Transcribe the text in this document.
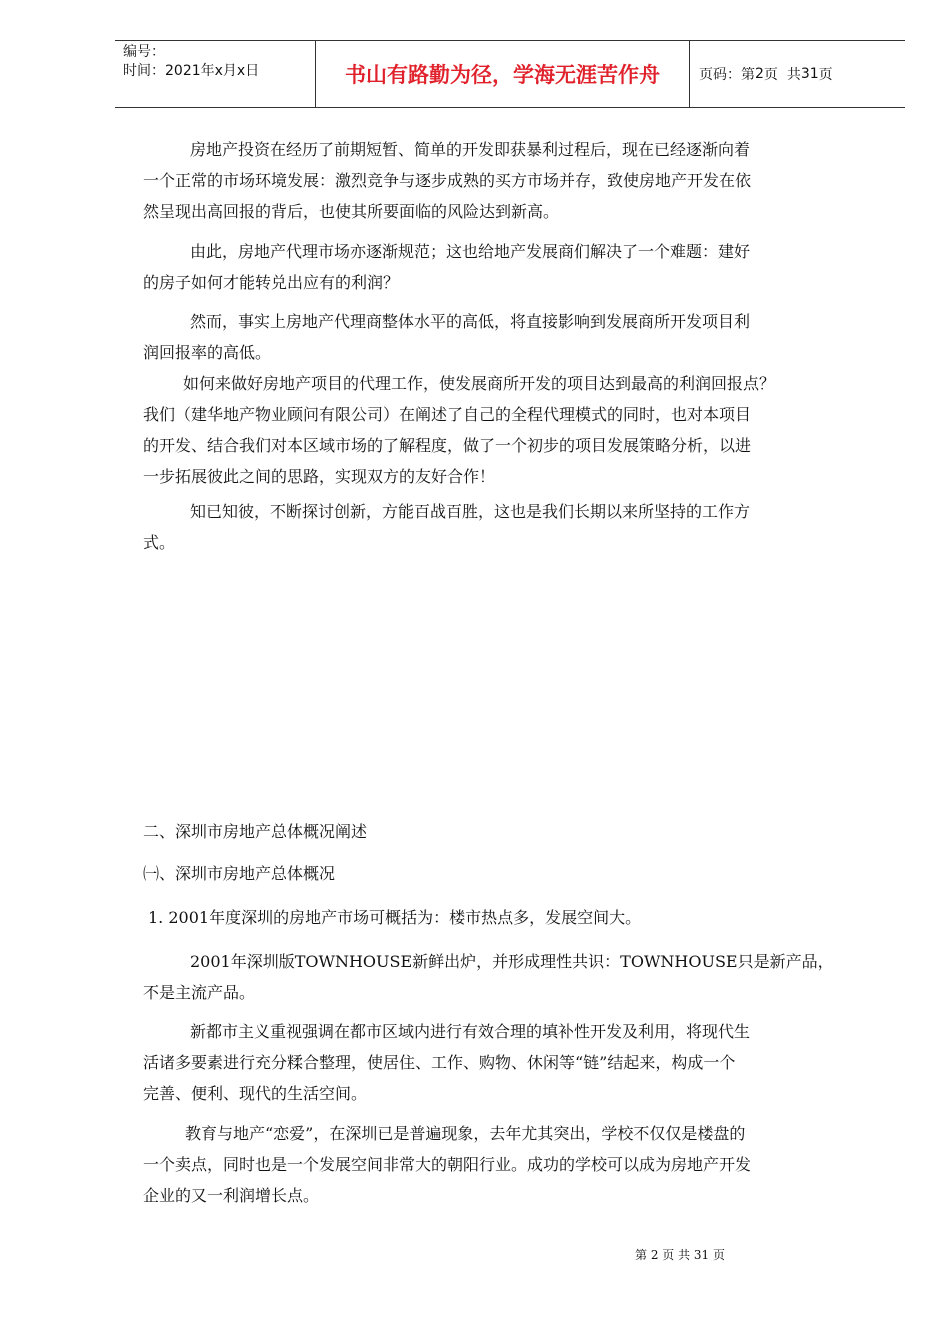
编号：
时间：2021年x月x日	书山有路勤为径，学海无涯苦作舟	页码：第 2 页  共 31 页

房地产投资在经历了前期短暂、简单的开发即获暴利过程后，现在已经逐渐向着

一个正常的市场环境发展：激烈竞争与逐步成熟的买方市场并存，致使房地产开发在依

然呈现出高回报的背后，也使其所要面临的风险达到新高。

由此，房地产代理市场亦逐渐规范；这也给地产发展商们解决了一个难题：建好

的房子如何才能转兑出应有的利润？

然而，事实上房地产代理商整体水平的高低，将直接影响到发展商所开发项目利

润回报率的高低。

如何来做好房地产项目的代理工作，使发展商所开发的项目达到最高的利润回报点？

我们（建华地产物业顾问有限公司）在阐述了自己的全程代理模式的同时，也对本项目

的开发、结合我们对本区域市场的了解程度，做了一个初步的项目发展策略分析，以进

一步拓展彼此之间的思路，实现双方的友好合作！

知已知彼，不断探讨创新，方能百战百胜，这也是我们长期以来所坚持的工作方

式。

二、深圳市房地产总体概况阐述
㈠、深圳市房地产总体概况
1. 2001年度深圳的房地产市场可概括为：楼市热点多，发展空间大。

2001年深圳版TOWNHOUSE新鲜出炉，并形成理性共识：TOWNHOUSE只是新产品，

不是主流产品。

新都市主义重视强调在都市区域内进行有效合理的填补性开发及利用，将现代生

活诸多要素进行充分糅合整理，使居住、工作、购物、休闲等“链”结起来，构成一个

完善、便利、现代的生活空间。

教育与地产“恋爱”，在深圳已是普遍现象，去年尤其突出，学校不仅仅是楼盘的

一个卖点，同时也是一个发展空间非常大的朝阳行业。成功的学校可以成为房地产开发

企业的又一利润增长点。

第 2 页 共 31 页
